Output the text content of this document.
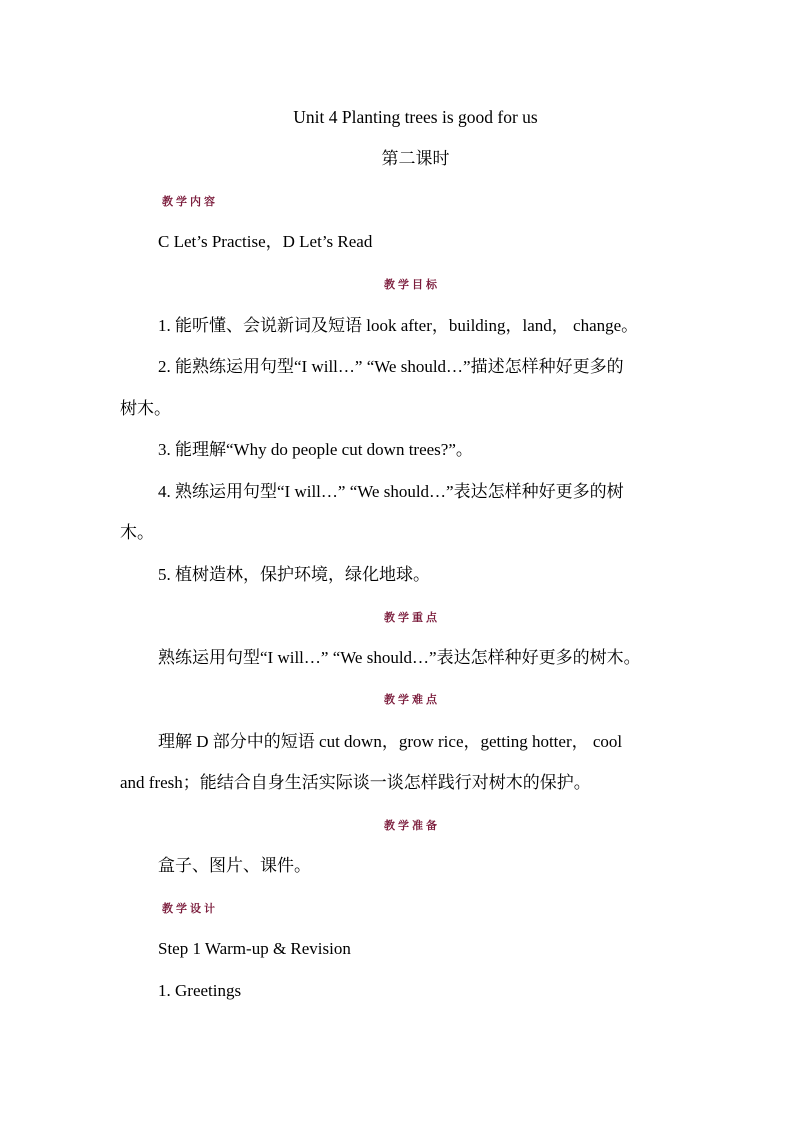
Unit 4 Planting trees is good for us
第二课时
教学内容
C Let’s Practise，D Let’s Read
教学目标
1. 能听懂、会说新词及短语 look after，building，land， change。
2. 能熟练运用句型“I will…” “We should…”描述怎样种好更多的
树木。
3. 能理解“Why do people cut down trees?”。
4. 熟练运用句型“I will…” “We should…”表达怎样种好更多的树
木。
5. 植树造林，保护环境，绿化地球。
教学重点
熟练运用句型“I will…” “We should…”表达怎样种好更多的树木。
教学难点
理解 D 部分中的短语 cut down，grow rice，getting hotter， cool
and fresh；能结合自身生活实际谈一谈怎样践行对树木的保护。
教学准备
盒子、图片、课件。
教学设计
Step 1 Warm-up & Revision
1. Greetings
